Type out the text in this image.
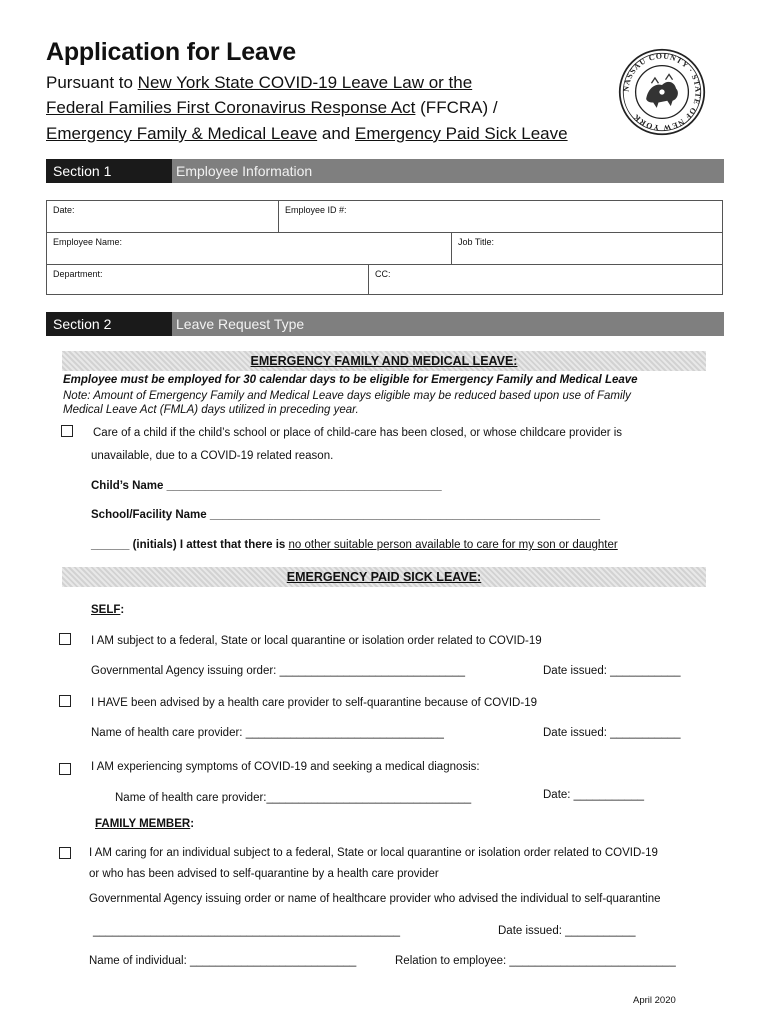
Application for Leave
Pursuant to New York State COVID-19 Leave Law or the
Federal Families First Coronavirus Response Act (FFCRA) /
Emergency Family & Medical Leave and Emergency Paid Sick Leave
NASSAU COUNTY · STATE OF NEW YORK
Section 1	Employee Information
Date:	Employee ID #:
Employee Name:	Job Title:
Department:	CC:
Section 2	Leave Request Type
EMERGENCY FAMILY AND MEDICAL LEAVE:
Employee must be employed for 30 calendar days to be eligible for Emergency Family and Medical Leave
Note: Amount of Emergency Family and Medical Leave days eligible may be reduced based upon use of Family
Medical Leave Act (FMLA) days utilized in preceding year.
Care of a child if the child’s school or place of child-care has been closed, or whose childcare provider is
unavailable, due to a COVID-19 related reason.
Child’s Name ___________________________________________
School/Facility Name _____________________________________________________________
______ (initials) I attest that there is no other suitable person available to care for my son or daughter
EMERGENCY PAID SICK LEAVE:
SELF:
I AM subject to a federal, State or local quarantine or isolation order related to COVID-19
Governmental Agency issuing order: _____________________________	Date issued: ___________
I HAVE been advised by a health care provider to self-quarantine because of COVID-19
Name of health care provider: _______________________________	Date issued: ___________
I AM experiencing symptoms of COVID-19 and seeking a medical diagnosis:
Name of health care provider:________________________________	Date: ___________
FAMILY MEMBER:
I AM caring for an individual subject to a federal, State or local quarantine or isolation order related to COVID-19
or who has been advised to self-quarantine by a health care provider
Governmental Agency issuing order or name of healthcare provider who advised the individual to self-quarantine
________________________________________________	Date issued: ___________
Name of individual: __________________________	Relation to employee: __________________________
April 2020
